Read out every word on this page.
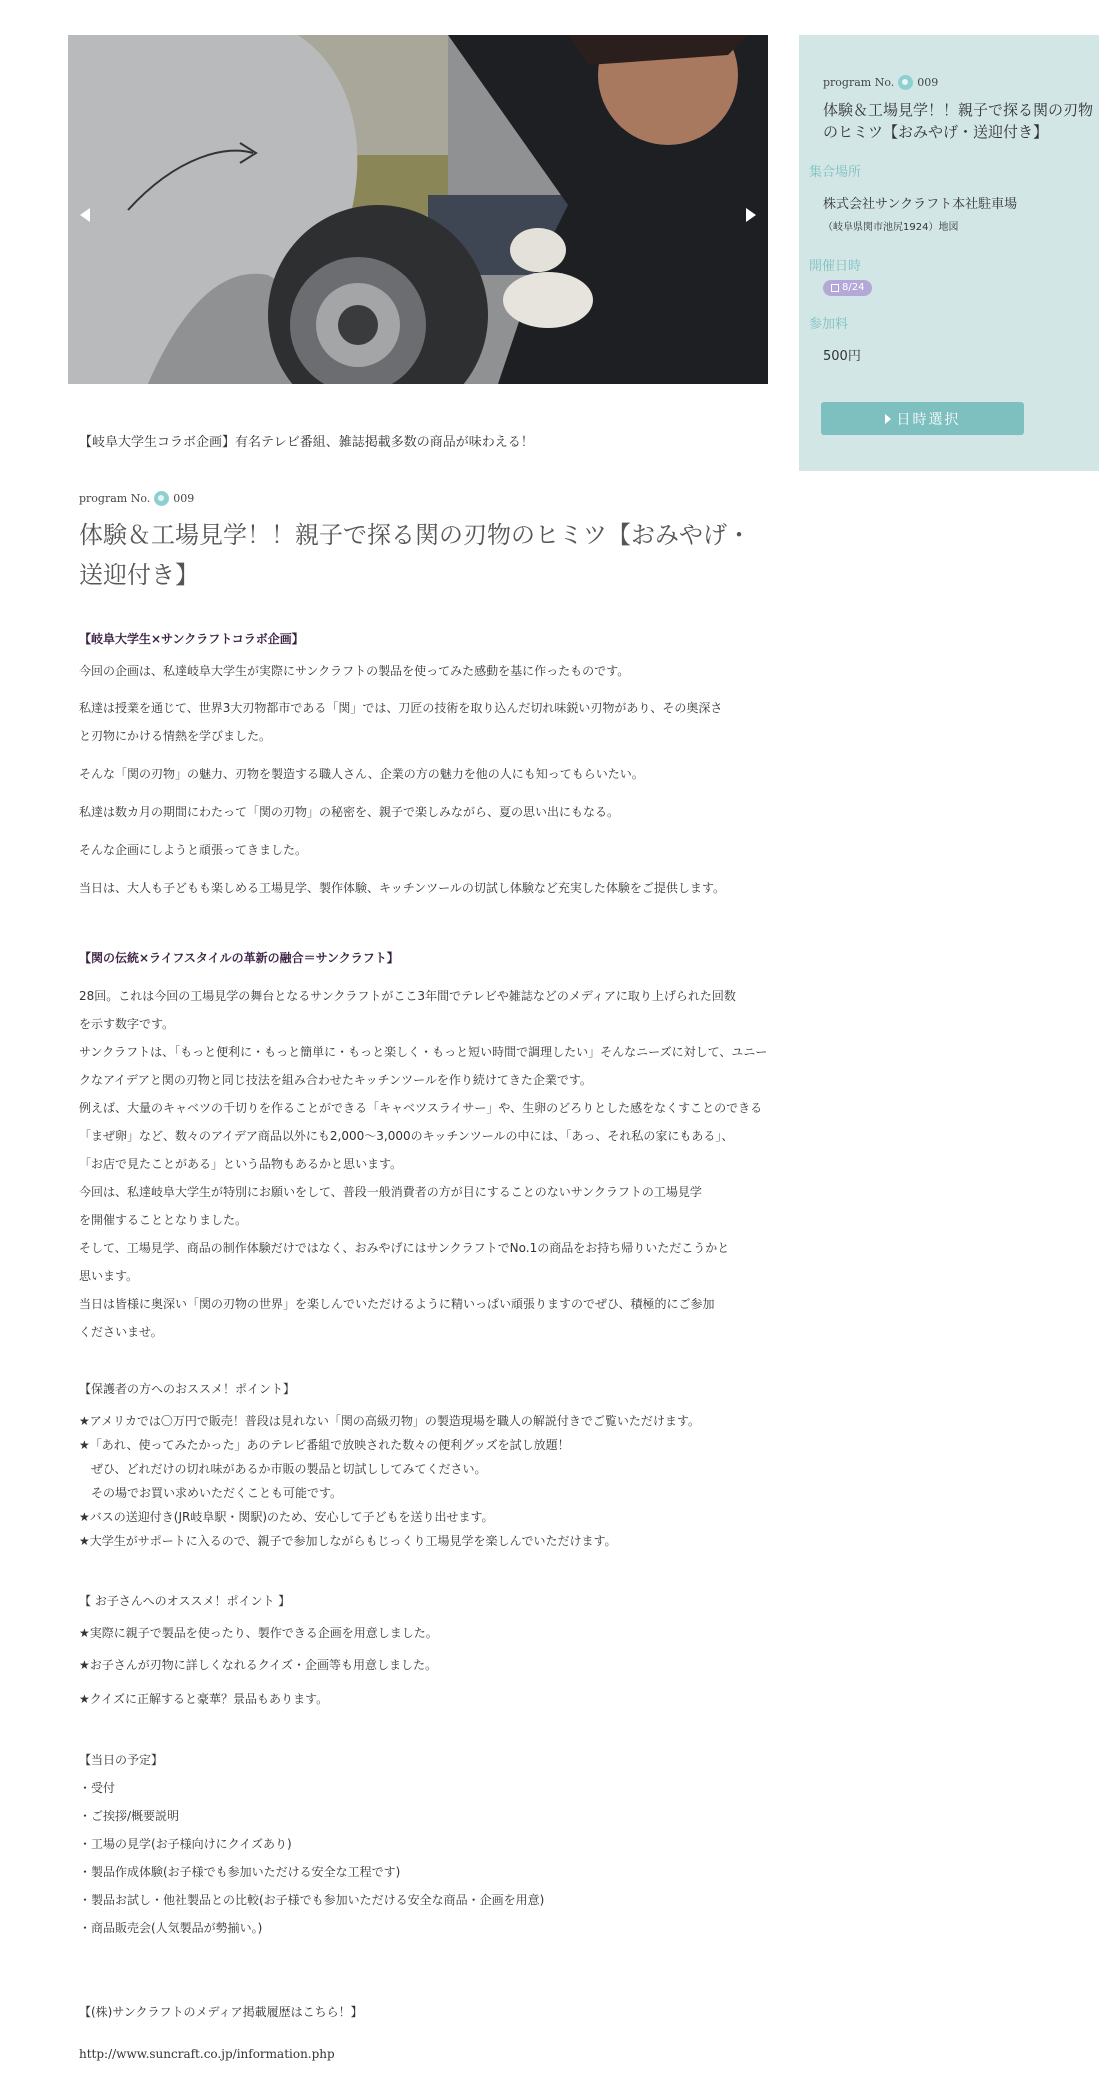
program No. 009
体験＆工場見学！！親子で探る関の刃物のヒミツ【おみやげ・送迎付き】
集合場所
株式会社サンクラフト本社駐車場
（岐阜県関市池尻1924）地図
開催日時
8/24
参加料
500円
日時選択
【岐阜大学生コラボ企画】有名テレビ番組、雑誌掲載多数の商品が味わえる！
program No. 009
体験＆工場見学！！親子で探る関の刃物のヒミツ【おみやげ・送迎付き】
【岐阜大学生×サンクラフトコラボ企画】
今回の企画は、私達岐阜大学生が実際にサンクラフトの製品を使ってみた感動を基に作ったものです。
私達は授業を通じて、世界3大刃物都市である「関」では、刀匠の技術を取り込んだ切れ味鋭い刃物があり、その奥深さ
と刃物にかける情熱を学びました。
そんな「関の刃物」の魅力、刃物を製造する職人さん、企業の方の魅力を他の人にも知ってもらいたい。
私達は数カ月の期間にわたって「関の刃物」の秘密を、親子で楽しみながら、夏の思い出にもなる。
そんな企画にしようと頑張ってきました。
当日は、大人も子どもも楽しめる工場見学、製作体験、キッチンツールの切試し体験など充実した体験をご提供します。
【関の伝統×ライフスタイルの革新の融合＝サンクラフト】
28回。これは今回の工場見学の舞台となるサンクラフトがここ3年間でテレビや雑誌などのメディアに取り上げられた回数
を示す数字です。
サンクラフトは、「もっと便利に・もっと簡単に・もっと楽しく・もっと短い時間で調理したい」そんなニーズに対して、ユニー
クなアイデアと関の刃物と同じ技法を組み合わせたキッチンツールを作り続けてきた企業です。
例えば、大量のキャベツの千切りを作ることができる「キャベツスライサー」や、生卵のどろりとした感をなくすことのできる
「まぜ卵」など、数々のアイデア商品以外にも2,000～3,000のキッチンツールの中には、「あっ、それ私の家にもある」、
「お店で見たことがある」という品物もあるかと思います。
今回は、私達岐阜大学生が特別にお願いをして、普段一般消費者の方が目にすることのないサンクラフトの工場見学
を開催することとなりました。
そして、工場見学、商品の制作体験だけではなく、おみやげにはサンクラフトでNo.1の商品をお持ち帰りいただこうかと
思います。
当日は皆様に奥深い「関の刃物の世界」を楽しんでいただけるように精いっぱい頑張りますのでぜひ、積極的にご参加
くださいませ。
【保護者の方へのおススメ！ポイント】
★アメリカでは〇万円で販売！普段は見れない「関の高級刃物」の製造現場を職人の解説付きでご覧いただけます。
★「あれ、使ってみたかった」あのテレビ番組で放映された数々の便利グッズを試し放題！
　ぜひ、どれだけの切れ味があるか市販の製品と切試ししてみてください。
　その場でお買い求めいただくことも可能です。
★バスの送迎付き(JR岐阜駅・関駅)のため、安心して子どもを送り出せます。
★大学生がサポートに入るので、親子で参加しながらもじっくり工場見学を楽しんでいただけます。
【 お子さんへのオススメ！ポイント 】
★実際に親子で製品を使ったり、製作できる企画を用意しました。
★お子さんが刃物に詳しくなれるクイズ・企画等も用意しました。
★クイズに正解すると豪華？景品もあります。
【当日の予定】
・受付
・ご挨拶/概要説明
・工場の見学(お子様向けにクイズあり)
・製品作成体験(お子様でも参加いただける安全な工程です)
・製品お試し・他社製品との比較(お子様でも参加いただける安全な商品・企画を用意)
・商品販売会(人気製品が勢揃い。)
【(株)サンクラフトのメディア掲載履歴はこちら！】
http://www.suncraft.co.jp/information.php
